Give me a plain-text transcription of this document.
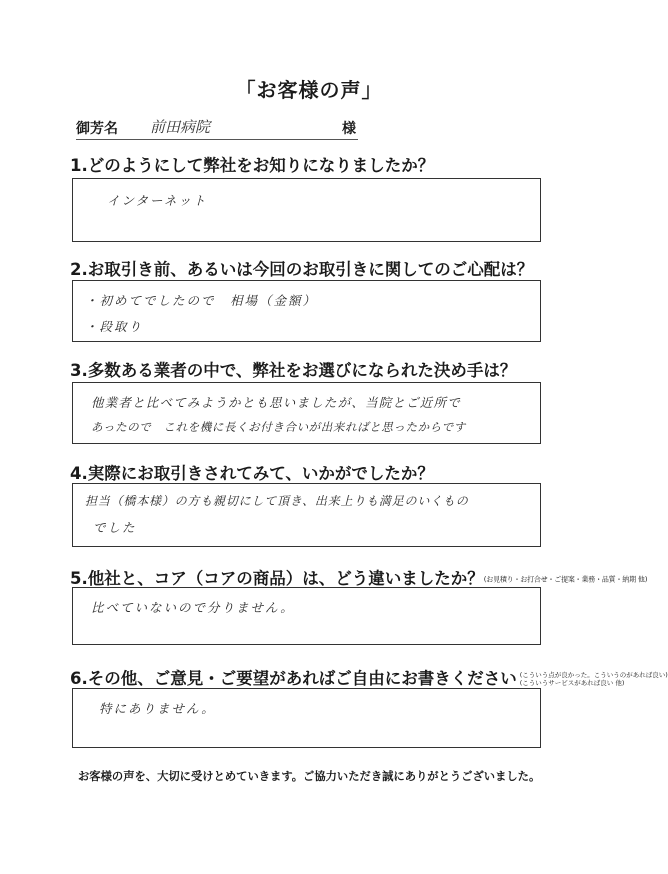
「お客様の声」
御芳名 前田病院	様
1.どのようにして弊社をお知りになりましたか？
インターネット
2.お取引き前、あるいは今回のお取引きに関してのご心配は？
・初めてでしたので　相場（金額）
・段取り
3.多数ある業者の中で、弊社をお選びになられた決め手は？
他業者と比べてみようかとも思いましたが、当院とご近所で
あったので　これを機に長くお付き合いが出来ればと思ったからです
4.実際にお取引きされてみて、いかがでしたか？
担当（橋本様）の方も親切にして頂き、出来上りも満足のいくもの
でした
5.他社と、コア（コアの商品）は、どう違いましたか？(お見積り・お打合せ・ご提案・業務・品質・納期 他)
比べていないので分りません。
6.その他、ご意見・ご要望があればご自由にお書きください (こういう点が良かった。こういうのがあれば良い)
(こういうサービスがあれば良い 他)
特にありません。
お客様の声を、大切に受けとめていきます。ご協力いただき誠にありがとうございました。
